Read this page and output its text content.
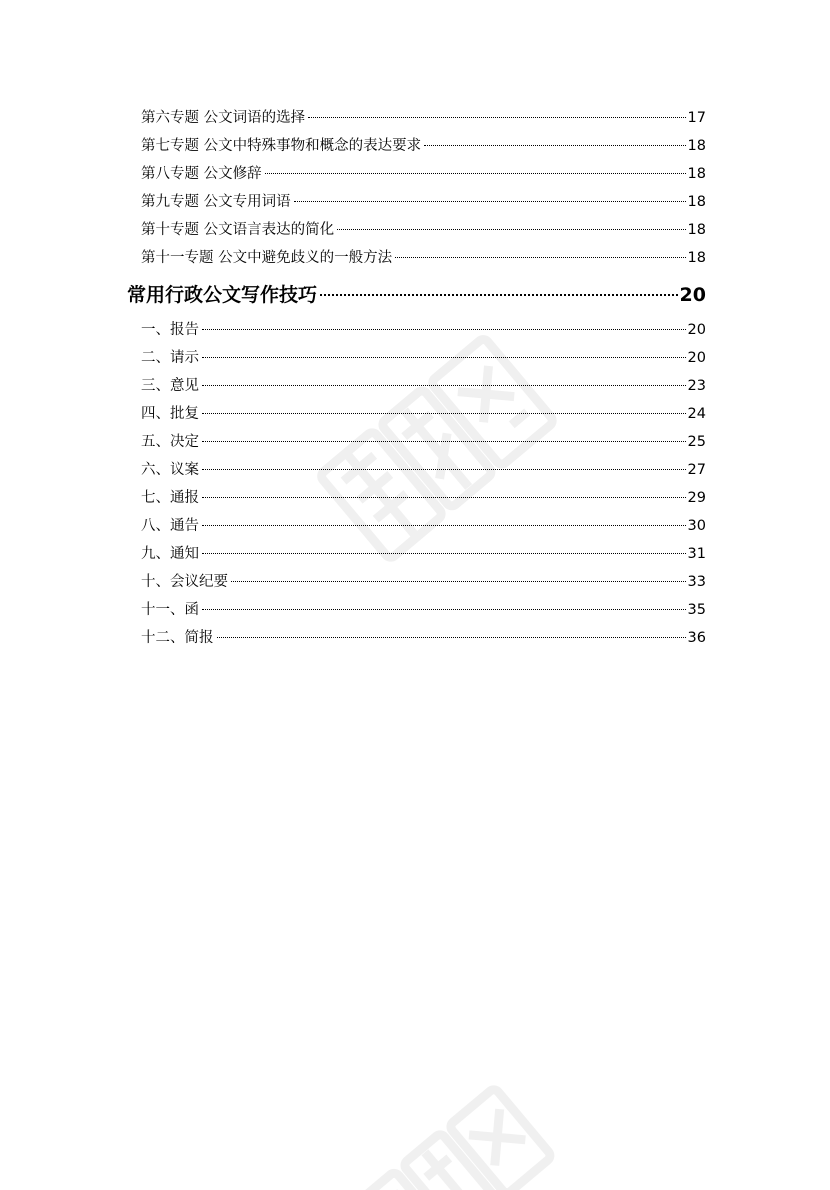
第六专题 公文词语的选择	17
第七专题 公文中特殊事物和概念的表达要求	18
第八专题 公文修辞	18
第九专题 公文专用词语	18
第十专题 公文语言表达的简化	18
第十一专题 公文中避免歧义的一般方法	18
常用行政公文写作技巧	20
一、报告	20
二、请示	20
三、意见	23
四、批复	24
五、决定	25
六、议案	27
七、通报	29
八、通告	30
九、通知	31
十、会议纪要	33
十一、函	35
十二、简报	36
